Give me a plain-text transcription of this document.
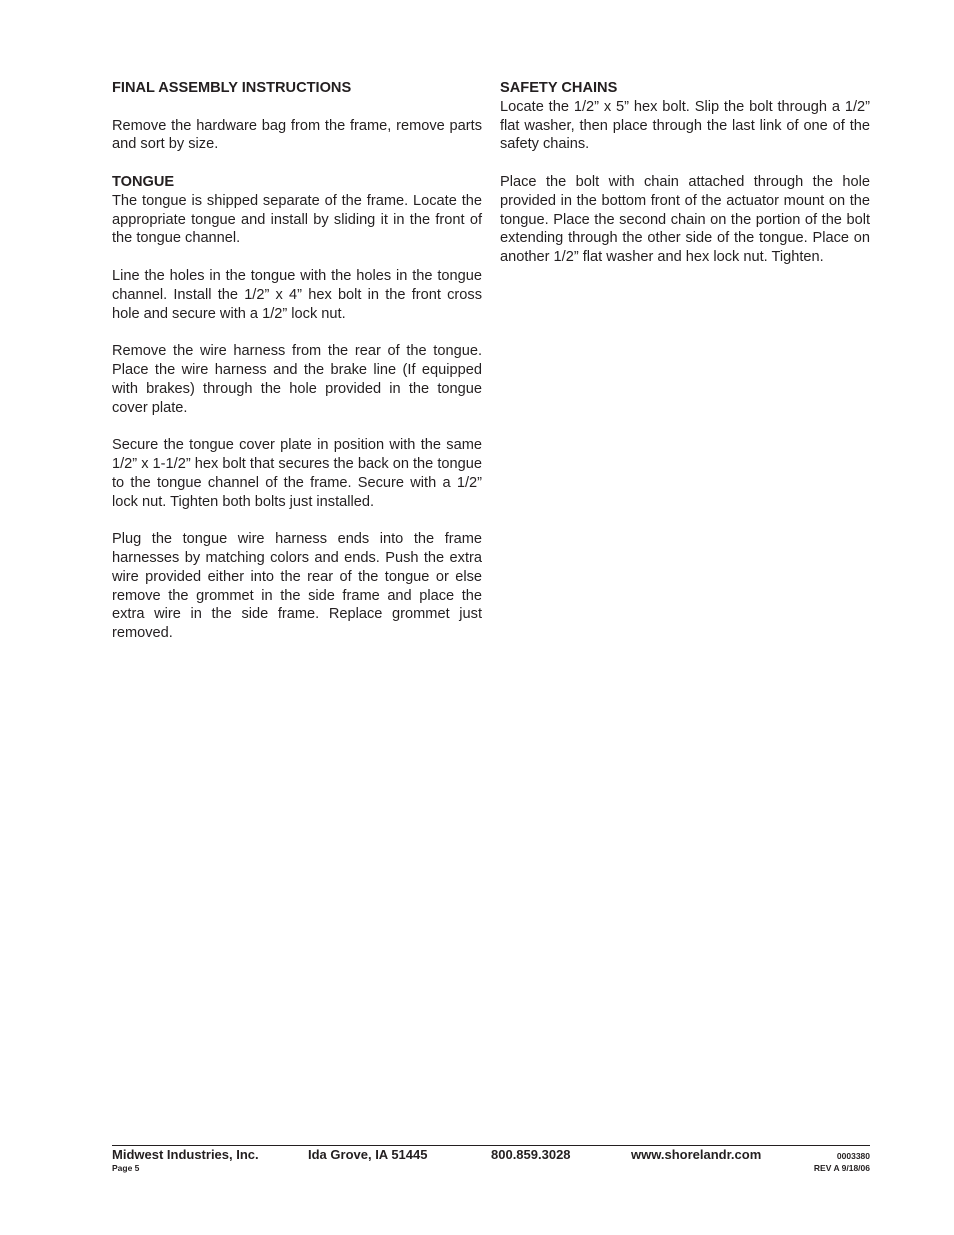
FINAL ASSEMBLY INSTRUCTIONS

Remove the hardware bag from the frame, remove parts and sort by size.

TONGUE

The tongue is shipped separate of the frame. Locate the appropriate tongue and install by sliding it in the front of the tongue channel.

Line the holes in the tongue with the holes in the tongue channel. Install the 1/2” x 4” hex bolt in the front cross hole and secure with a 1/2” lock nut.

Remove the wire harness from the rear of the tongue. Place the wire harness and the brake line (If equipped with brakes) through the hole provided in the tongue cover plate.

Secure the tongue cover plate in position with the same 1/2” x 1-1/2” hex bolt that secures the back on the tongue to the tongue channel of the frame. Secure with a 1/2” lock nut. Tighten both bolts just installed.

Plug the tongue wire harness ends into the frame harnesses by matching colors and ends. Push the extra wire provided either into the rear of the tongue or else remove the grommet in the side frame and place the extra wire in the side frame. Replace grommet just removed.

SAFETY CHAINS

Locate the 1/2” x 5” hex bolt. Slip the bolt through a 1/2” flat washer, then place through the last link of one of the safety chains.

Place the bolt with chain attached through the hole provided in the bottom front of the actuator mount on the tongue. Place the second chain on the portion of the bolt extending through the other side of the tongue. Place on another 1/2” flat washer and hex lock nut. Tighten.

Midwest Industries, Inc.	Ida Grove, IA 51445	800.859.3028	www.shorelandr.com
Page 5
0003380
REV A 9/18/06
